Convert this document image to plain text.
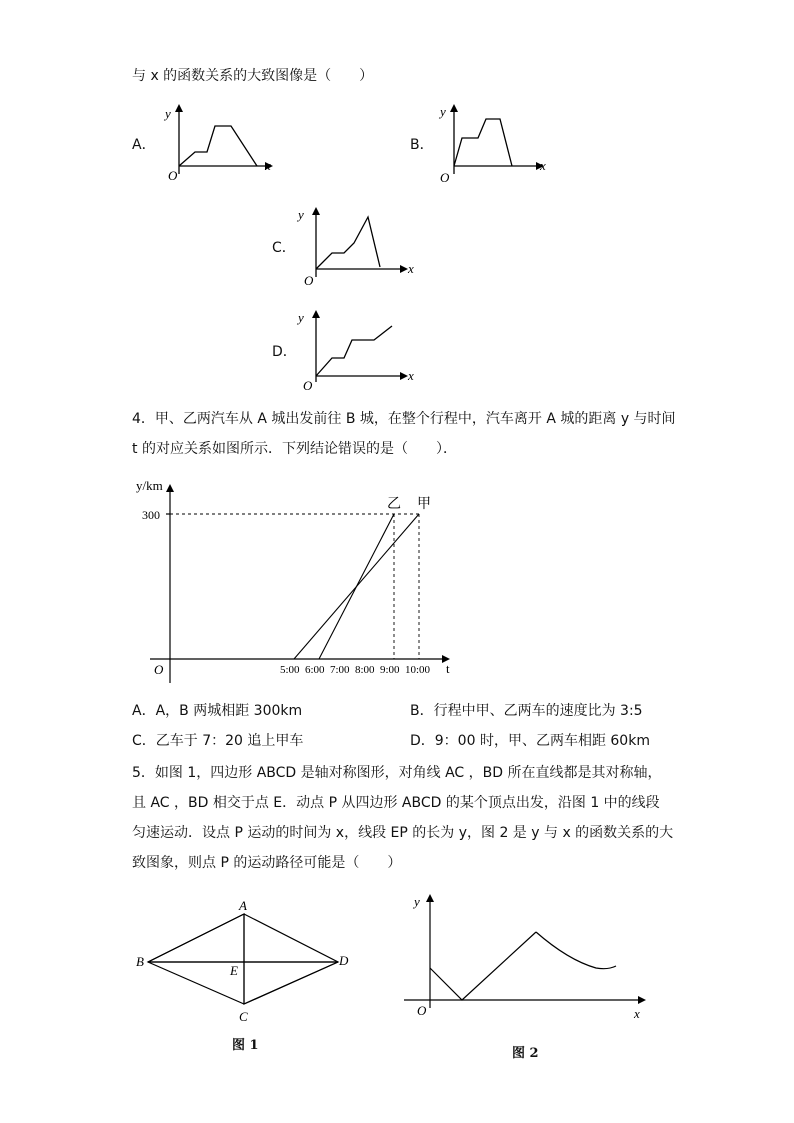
与 x 的函数关系的大致图像是（　　）
A．
y
x
O
B．
y
x
O
C．
y
x
O
D．
y
x
O
4．甲、乙两汽车从 A 城出发前往 B 城，在整个行程中，汽车离开 A 城的距离 y 与时间
t 的对应关系如图所示．下列结论错误的是（　　）．
y/km
t
O
300
5:00 6:00 7:00 8:00 9:00 10:00
甲
乙
A．A，B 两城相距 300km	B．行程中甲、乙两车的速度比为 3:5
C．乙车于 7：20 追上甲车	D．9：00 时，甲、乙两车相距 60km
5．如图 1，四边形 ABCD 是轴对称图形，对角线 AC ，BD 所在直线都是其对称轴，
且 AC ，BD 相交于点 E．动点 P 从四边形 ABCD 的某个顶点出发，沿图 1 中的线段
匀速运动．设点 P 运动的时间为 x，线段 EP 的长为 y，图 2 是 y 与 x 的函数关系的大
致图象，则点 P 的运动路径可能是（　　）
A
B	D
C
E
图 1
y
O	x
图 2
